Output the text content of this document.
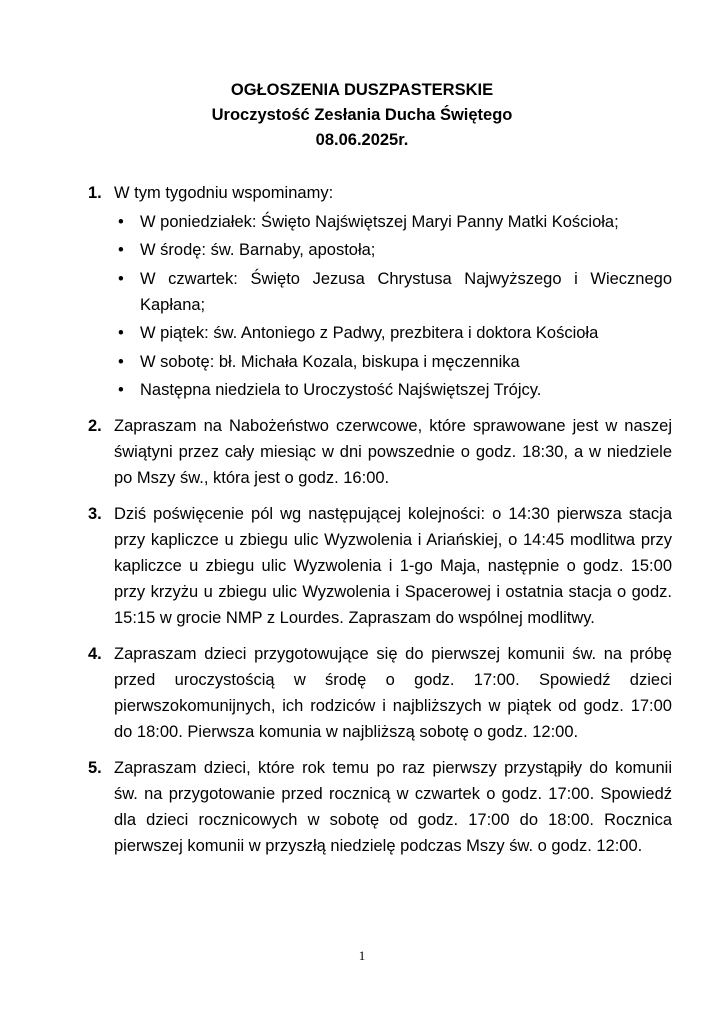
OGŁOSZENIA DUSZPASTERSKIE
Uroczystość Zesłania Ducha Świętego
08.06.2025r.
1. W tym tygodniu wspominamy:
• W poniedziałek: Święto Najświętszej Maryi Panny Matki Kościoła;
• W środę: św. Barnaby, apostoła;
• W czwartek: Święto Jezusa Chrystusa Najwyższego i Wiecznego Kapłana;
• W piątek: św. Antoniego z Padwy, prezbitera i doktora Kościoła
• W sobotę: bł. Michała Kozala, biskupa i męczennika
• Następna niedziela to Uroczystość Najświętszej Trójcy.
2. Zapraszam na Nabożeństwo czerwcowe, które sprawowane jest w naszej świątyni przez cały miesiąc w dni powszednie o godz. 18:30, a w niedziele po Mszy św., która jest o godz. 16:00.
3. Dziś poświęcenie pól wg następującej kolejności: o 14:30 pierwsza stacja przy kapliczce u zbiegu ulic Wyzwolenia i Ariańskiej, o 14:45 modlitwa przy kapliczce u zbiegu ulic Wyzwolenia i 1-go Maja, następnie o godz. 15:00 przy krzyżu u zbiegu ulic Wyzwolenia i Spacerowej i ostatnia stacja o godz. 15:15 w grocie NMP z Lourdes. Zapraszam do wspólnej modlitwy.
4. Zapraszam dzieci przygotowujące się do pierwszej komunii św. na próbę przed uroczystością w środę o godz. 17:00. Spowiedź dzieci pierwszokomunijnych, ich rodziców i najbliższych w piątek od godz. 17:00 do 18:00. Pierwsza komunia w najbliższą sobotę o godz. 12:00.
5. Zapraszam dzieci, które rok temu po raz pierwszy przystąpiły do komunii św. na przygotowanie przed rocznicą w czwartek o godz. 17:00. Spowiedź dla dzieci rocznicowych w sobotę od godz. 17:00 do 18:00. Rocznica pierwszej komunii w przyszłą niedzielę podczas Mszy św. o godz. 12:00.
1
